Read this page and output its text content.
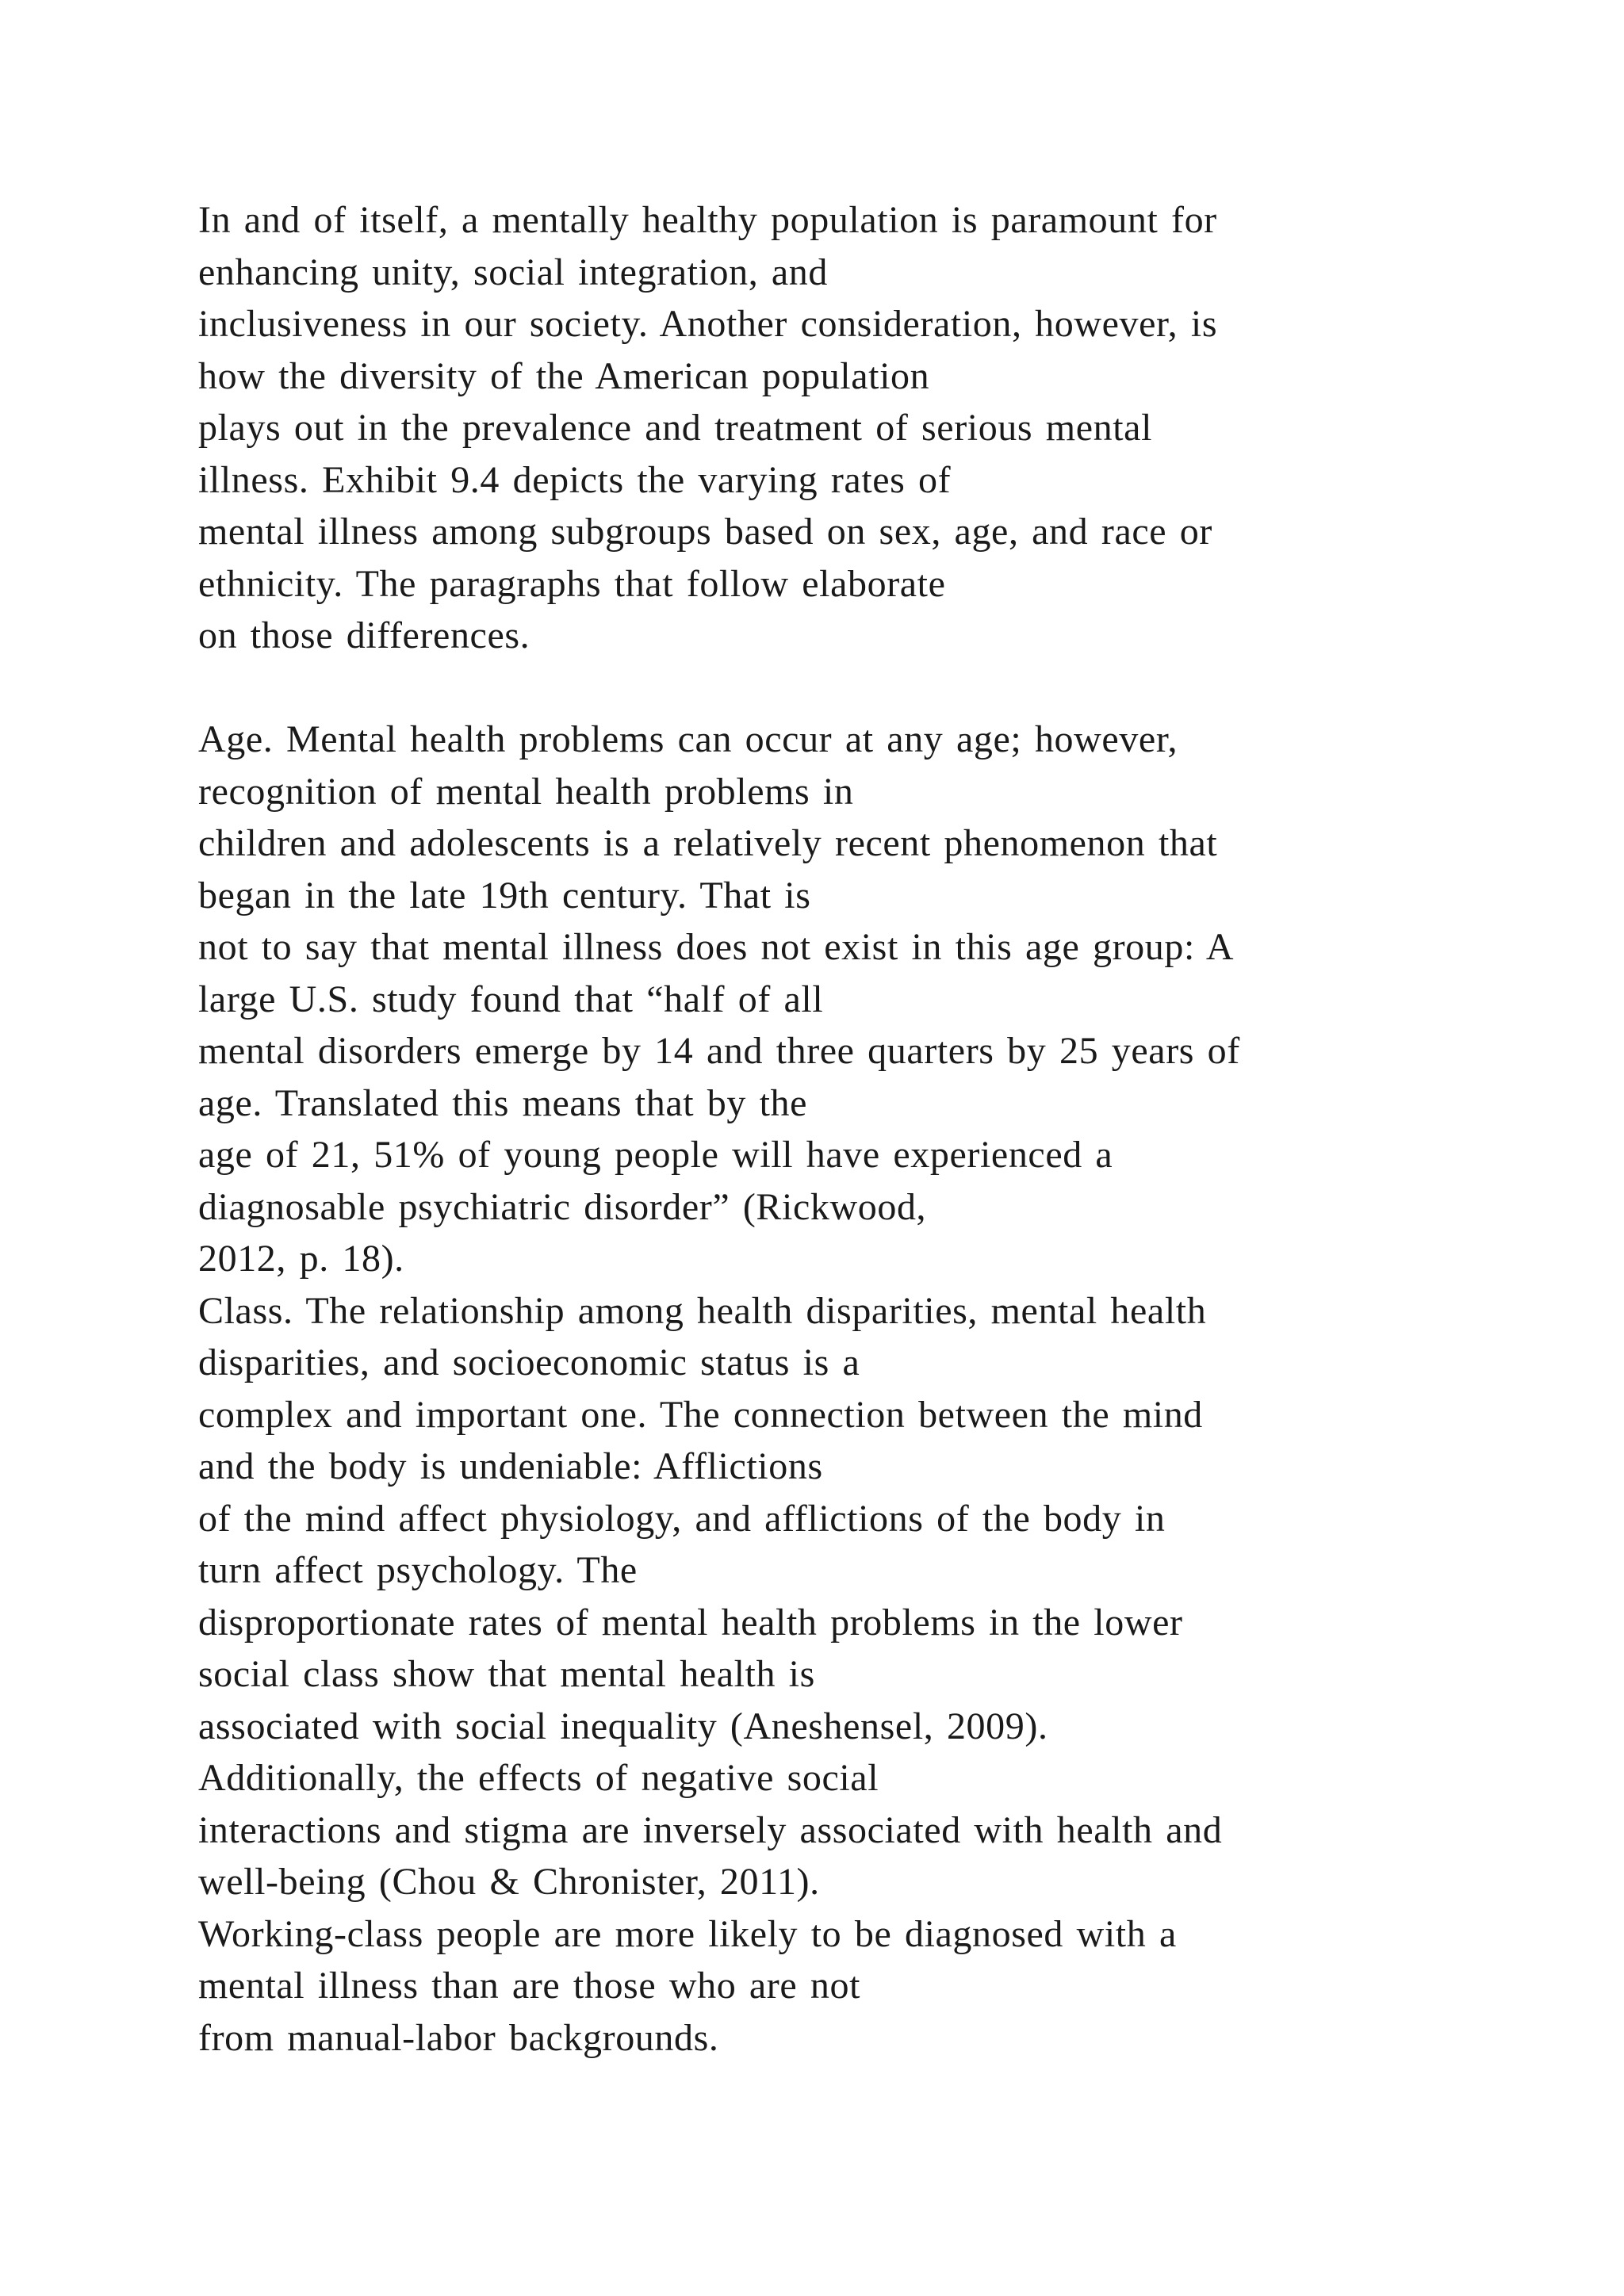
In and of itself, a mentally healthy population is paramount for
enhancing unity, social integration, and
inclusiveness in our society. Another consideration, however, is
how the diversity of the American population
plays out in the prevalence and treatment of serious mental
illness. Exhibit 9.4 depicts the varying rates of
mental illness among subgroups based on sex, age, and race or
ethnicity. The paragraphs that follow elaborate
on those differences.
Age. Mental health problems can occur at any age; however,
recognition of mental health problems in
children and adolescents is a relatively recent phenomenon that
began in the late 19th century. That is
not to say that mental illness does not exist in this age group: A
large U.S. study found that “half of all
mental disorders emerge by 14 and three quarters by 25 years of
age. Translated this means that by the
age of 21, 51% of young people will have experienced a
diagnosable psychiatric disorder” (Rickwood,
2012, p. 18).
Class. The relationship among health disparities, mental health
disparities, and socioeconomic status is a
complex and important one. The connection between the mind
and the body is undeniable: Afflictions
of the mind affect physiology, and afflictions of the body in
turn affect psychology. The
disproportionate rates of mental health problems in the lower
social class show that mental health is
associated with social inequality (Aneshensel, 2009).
Additionally, the effects of negative social
interactions and stigma are inversely associated with health and
well-being (Chou & Chronister, 2011).
Working-class people are more likely to be diagnosed with a
mental illness than are those who are not
from manual-labor backgrounds.
